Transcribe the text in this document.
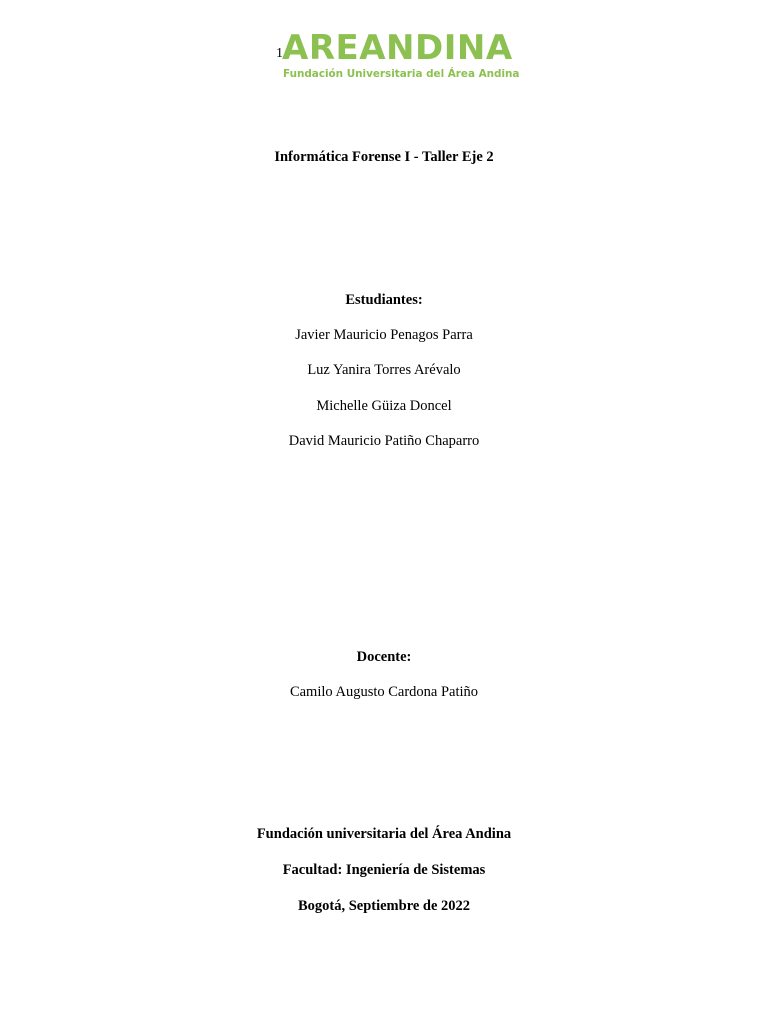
1 AREANDINA
Fundación Universitaria del Área Andina
Informática Forense I - Taller Eje 2
Estudiantes:
Javier Mauricio Penagos Parra
Luz Yanira Torres Arévalo
Michelle Güiza Doncel
David Mauricio Patiño Chaparro
Docente:
Camilo Augusto Cardona Patiño
Fundación universitaria del Área Andina
Facultad: Ingeniería de Sistemas
Bogotá, Septiembre de 2022
